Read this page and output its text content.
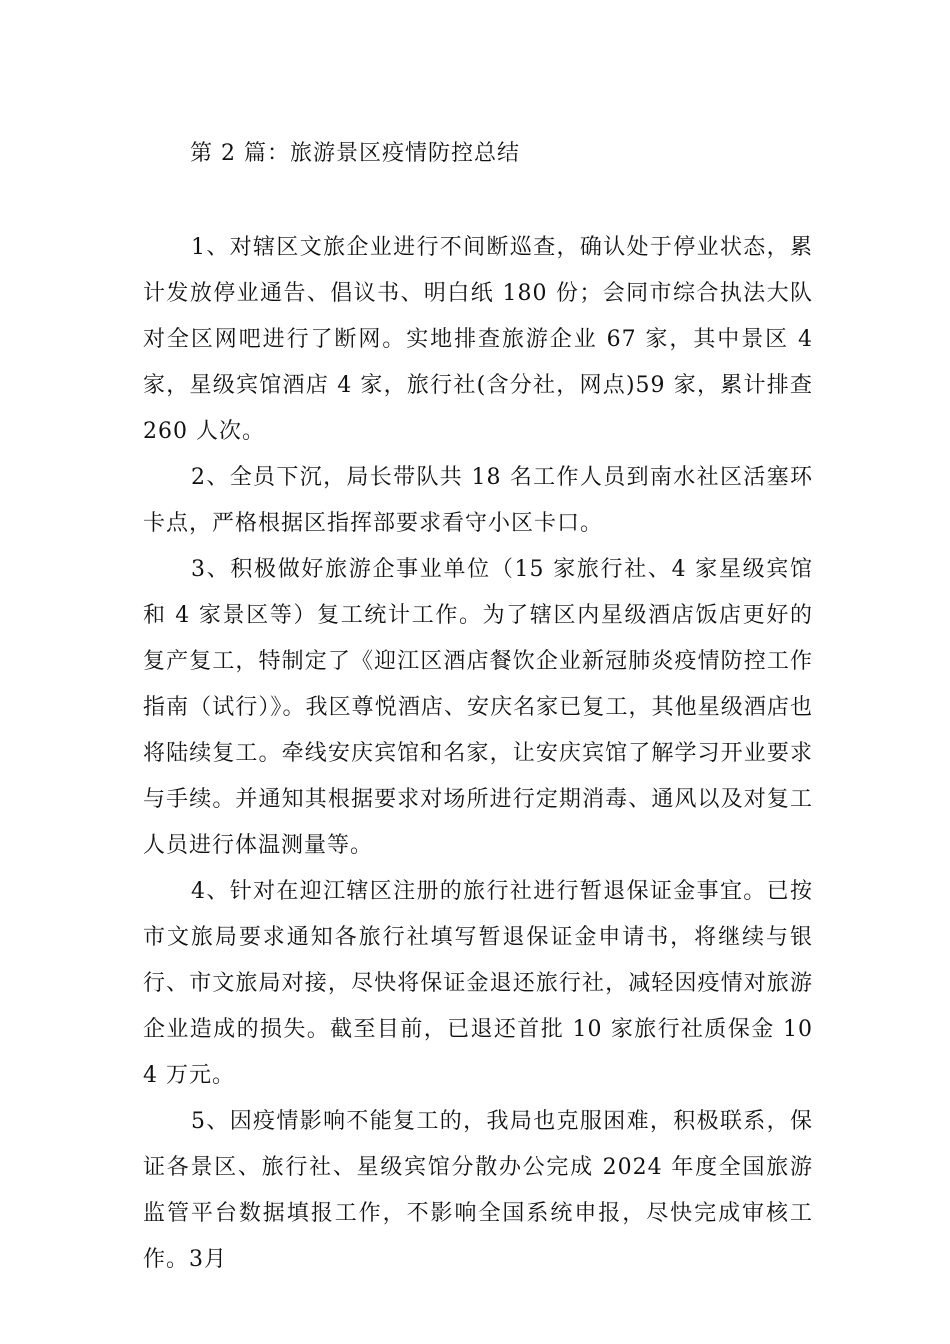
第 2 篇：旅游景区疫情防控总结

1、对辖区文旅企业进行不间断巡查，确认处于停业状态，累计发放停业通告、倡议书、明白纸 180 份；会同市综合执法大队对全区网吧进行了断网。实地排查旅游企业 67 家，其中景区 4 家，星级宾馆酒店 4 家，旅行社(含分社，网点)59 家，累计排查 260 人次。

2、全员下沉，局长带队共 18 名工作人员到南水社区活塞环卡点，严格根据区指挥部要求看守小区卡口。

3、积极做好旅游企事业单位（15 家旅行社、4 家星级宾馆和 4 家景区等）复工统计工作。为了辖区内星级酒店饭店更好的复产复工，特制定了《迎江区酒店餐饮企业新冠肺炎疫情防控工作指南（试行）》。我区尊悦酒店、安庆名家已复工，其他星级酒店也将陆续复工。牵线安庆宾馆和名家，让安庆宾馆了解学习开业要求与手续。并通知其根据要求对场所进行定期消毒、通风以及对复工人员进行体温测量等。

4、针对在迎江辖区注册的旅行社进行暂退保证金事宜。已按市文旅局要求通知各旅行社填写暂退保证金申请书，将继续与银行、市文旅局对接，尽快将保证金退还旅行社，减轻因疫情对旅游企业造成的损失。截至目前，已退还首批 10 家旅行社质保金 104 万元。

5、因疫情影响不能复工的，我局也克服困难，积极联系，保证各景区、旅行社、星级宾馆分散办公完成 2024 年度全国旅游监管平台数据填报工作，不影响全国系统申报，尽快完成审核工作。3月
